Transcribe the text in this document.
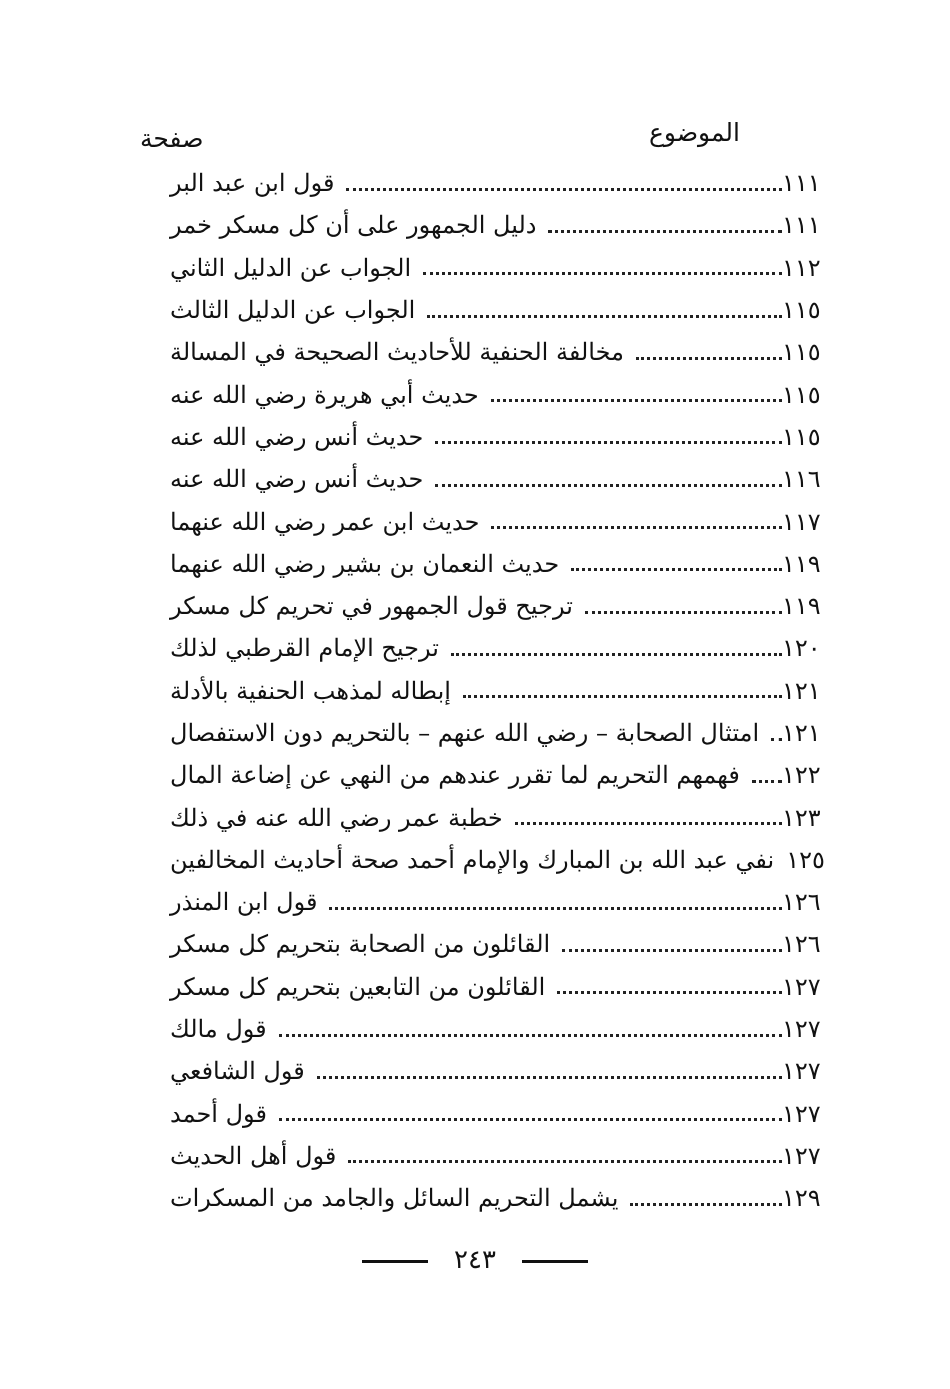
الموضوع
صفحة
قول ابن عبد البر	١١١
دليل الجمهور على أن كل مسكر خمر	١١١
الجواب عن الدليل الثاني	١١٢
الجواب عن الدليل الثالث	١١٥
مخالفة الحنفية للأحاديث الصحيحة في المسالة	١١٥
حديث أبي هريرة رضي الله عنه	١١٥
حديث أنس رضي الله عنه	١١٥
حديث أنس رضي الله عنه	١١٦
حديث ابن عمر رضي الله عنهما	١١٧
حديث النعمان بن بشير رضي الله عنهما	١١٩
ترجيح قول الجمهور في تحريم كل مسكر	١١٩
ترجيح الإمام القرطبي لذلك	١٢٠
إبطاله لمذهب الحنفية بالأدلة	١٢١
امتثال الصحابة – رضي الله عنهم – بالتحريم دون الاستفصال ١٢١
فهمهم التحريم لما تقرر عندهم من النهي عن إضاعة المال ١٢٢
خطبة عمر رضي الله عنه في ذلك	١٢٣
نفي عبد الله بن المبارك والإمام أحمد صحة أحاديث المخالفين ١٢٥
قول ابن المنذر	١٢٦
القائلون من الصحابة بتحريم كل مسكر	١٢٦
القائلون من التابعين بتحريم كل مسكر	١٢٧
قول مالك	١٢٧
قول الشافعي	١٢٧
قول أحمد	١٢٧
قول أهل الحديث	١٢٧
يشمل التحريم السائل والجامد من المسكرات	١٢٩
٢٤٣
